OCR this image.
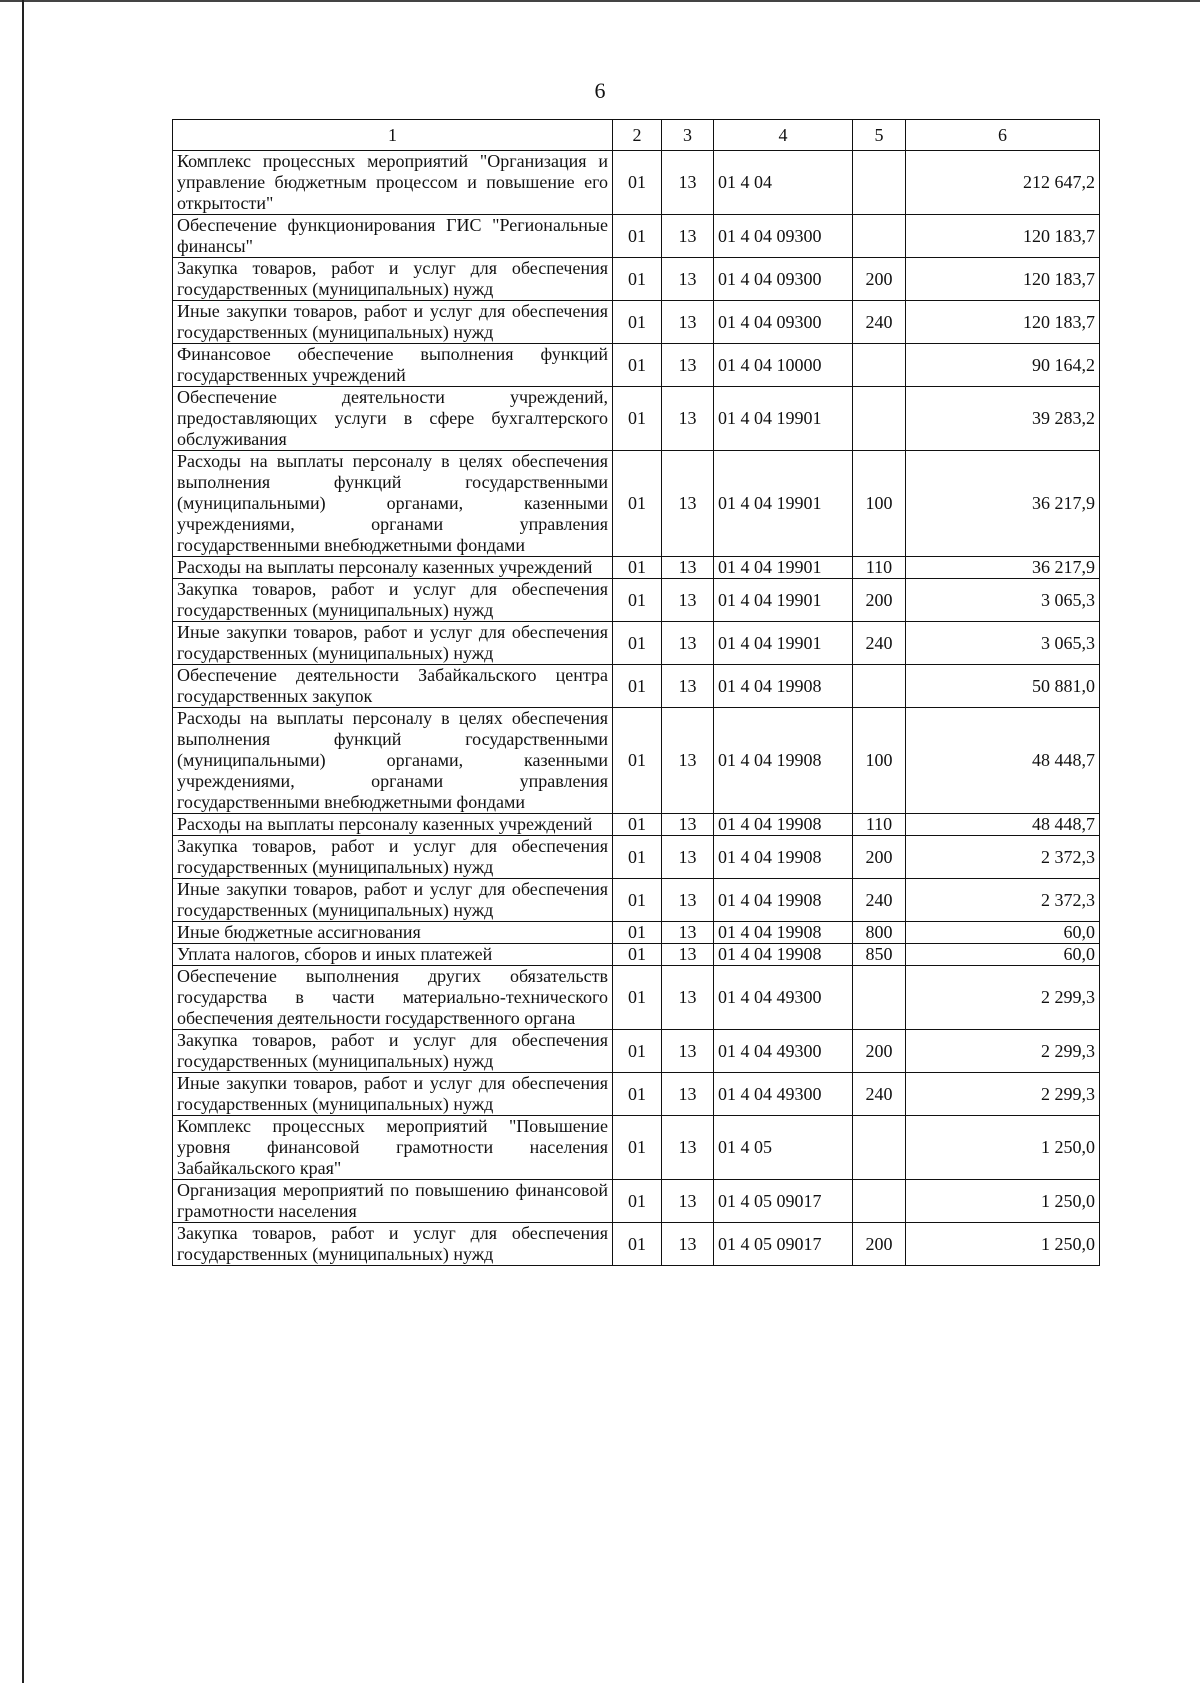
6
1	2	3	4	5	6
Комплекс процессных мероприятий "Организация и управление бюджетным процессом и повышение его открытости"	01	13	01 4 04		212 647,2
Обеспечение функционирования ГИС "Региональные финансы"	01	13	01 4 04 09300		120 183,7
Закупка товаров, работ и услуг для обеспечения государственных (муниципальных) нужд	01	13	01 4 04 09300	200	120 183,7
Иные закупки товаров, работ и услуг для обеспечения государственных (муниципальных) нужд	01	13	01 4 04 09300	240	120 183,7
Финансовое обеспечение выполнения функций государственных учреждений	01	13	01 4 04 10000		90 164,2
Обеспечение деятельности учреждений, предоставляющих услуги в сфере бухгалтерского обслуживания	01	13	01 4 04 19901		39 283,2
Расходы на выплаты персоналу в целях обеспечения выполнения функций государственными (муниципальными) органами, казенными учреждениями, органами управления государственными внебюджетными фондами	01	13	01 4 04 19901	100	36 217,9
Расходы на выплаты персоналу казенных учреждений	01	13	01 4 04 19901	110	36 217,9
Закупка товаров, работ и услуг для обеспечения государственных (муниципальных) нужд	01	13	01 4 04 19901	200	3 065,3
Иные закупки товаров, работ и услуг для обеспечения государственных (муниципальных) нужд	01	13	01 4 04 19901	240	3 065,3
Обеспечение деятельности Забайкальского центра государственных закупок	01	13	01 4 04 19908		50 881,0
Расходы на выплаты персоналу в целях обеспечения выполнения функций государственными (муниципальными) органами, казенными учреждениями, органами управления государственными внебюджетными фондами	01	13	01 4 04 19908	100	48 448,7
Расходы на выплаты персоналу казенных учреждений	01	13	01 4 04 19908	110	48 448,7
Закупка товаров, работ и услуг для обеспечения государственных (муниципальных) нужд	01	13	01 4 04 19908	200	2 372,3
Иные закупки товаров, работ и услуг для обеспечения государственных (муниципальных) нужд	01	13	01 4 04 19908	240	2 372,3
Иные бюджетные ассигнования	01	13	01 4 04 19908	800	60,0
Уплата налогов, сборов и иных платежей	01	13	01 4 04 19908	850	60,0
Обеспечение выполнения других обязательств государства в части материально-технического обеспечения деятельности государственного органа	01	13	01 4 04 49300		2 299,3
Закупка товаров, работ и услуг для обеспечения государственных (муниципальных) нужд	01	13	01 4 04 49300	200	2 299,3
Иные закупки товаров, работ и услуг для обеспечения государственных (муниципальных) нужд	01	13	01 4 04 49300	240	2 299,3
Комплекс процессных мероприятий "Повышение уровня финансовой грамотности населения Забайкальского края"	01	13	01 4 05		1 250,0
Организация мероприятий по повышению финансовой грамотности населения	01	13	01 4 05 09017		1 250,0
Закупка товаров, работ и услуг для обеспечения государственных (муниципальных) нужд	01	13	01 4 05 09017	200	1 250,0
